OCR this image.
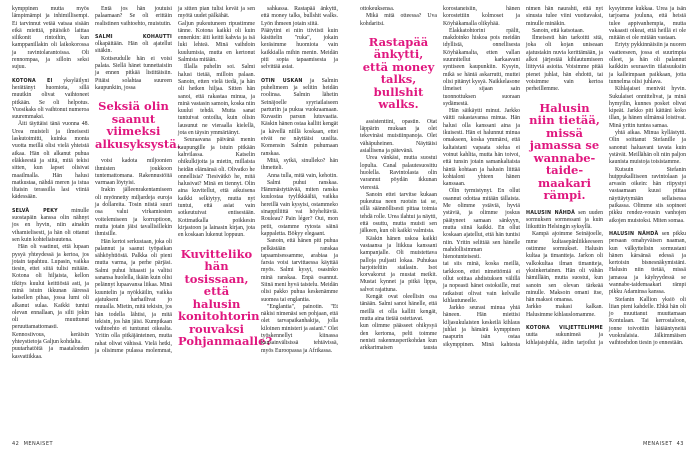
kymppinen mutta myös lämpimämpi ja inhimillisempi. Ei tarvinnut vetää vatsaa sisään eikä miettiä, pitäisikö laittaa silikonit rintoihin, kun kamppanillakin oli laikokorossa ja ravintolarantoissa. Oli rennompaa, ja silloin seksi sujuu.

KOTONA EI yksyläilyni herättänyt huomiota, sillä muutkin olivat vaihtoneet pitkään. Se oli helpotus. Vuosikaks oli vaihtonut numeroa suuremmaksi.

Äiti täyttäisi tänä vuonna 48. Urea muisteli ja ilmeisesti laskutoimitti, kuinka monta vuotta meillä olisi vielä yhteistä aikaa. Hän oli alkanut puhua eläkkeestä ja siitä, mitä tekisi sitten, kun lapset olisivat maailmalla. Hän halusi matkustaa, nähdä meren ja istua iltaisin terassilla lasi viiniä kädessään.

SELVÄ PEKY minulle suostapäin kanssa olin nähnyt jos en hyvin, niin ainakin vihamielisesti, ja hän oli ottanut sen kuin kohteliaisuutena.

Hän oli vaatinut, että lupaan pysyä yhteydessä ja kertoa, jos jotain tapahtuu. Lupasin, vaikka tiesin, ettei siitä tulisi mitään. Kotona oli hiljaista, kellon tikitys kuului keittiöstä asti, ja minä istuin ikkunan ääressä katsellen pihaa, jossa lumi oli alkanut sulaa. Kaikki tuntui olevan ennallaan, ja silti jokin oli muuttunut peruuttamattomasti. Kennosiivous, keräisin yhteystietoja Galjun kohdalta.

puutarhatöitä ja maatalouden kasvatiikkaa.

Entä jos hän joutuisi palaamaan? Se oli erittäin realistinen vaihtoehto, muistutin.

SALMI KOHAUTTI olkapäitään. Hän oli ajatellut sitäkin.

Kotiseudulle hän ei voisi palata. Siellä hänet tunnettaisiin ja ennen pitkää listittäisiin. Pitäisi solahtaa suureen kaupunkiin, jossa

Seksiä olin saanut viimeksi alkusyksystä.

voisi kadota miljoonien ihmisten joukkoon tuntemattomana. Rakennustöitä varmaan löytyisi.

Irakin jälleenrakentamiseen oli myönnetty miljardeja euroja ja dollareita. Tosin niistä suuri osa valui virkamiesten voitelemiseen ja korruptioon, mutta jotain jäisi tavallisillekin ihmisille.

Hän kertoi serkustaan, joka oli palannut ja saanut työpaikan sähköyhtiöstä. Palkka oli pieni mutta varma, ja perhe pärjäsi. Salmi puhui hitaasti ja valitsi sanansa huolella, ikään kuin olisi pelännyt lupaavansa liikaa. Minä kuuntelin ja nyökkäilin, vaikka ajatukseni harhailivat jo muualla. Mietin, mitä tekisin, jos hän todella lähtisi, ja mitä tekisin, jos hän jäisi. Kumpikaan vaihtoehto ei tuntunut oikealta. Yritin olla pitkäjänteinen, mutta rahat olivat vähissä. Vielä hetki, ja olisimme pulassa molemmat, ja sitten pian tulisi kevät ja sen myötä uudet pälkähät.

Galjun pukeutuneen ripustimme tänne. Kotona kaikki oli kuin ennenkin: äiti keitti kahvia ja isä luki lehteä. Minä vaihdoin kuulumisia, mutta en kertonut Salmista mitään.

Illalla puhelin soi. Salmi halusi tietää, milloin palaan. Sanoin, etten vielä tiedä, ja hän oli hetken hiljaa. Sitten hän sanoi, että rakastaa minua, ja minä vastasin samoin, koska niin kuului tehdä. Mutta sanat tuntuivat ontoilta, kuin olisin lausunut ne vieraalla kielellä, jota en täysin ymmärtänyt.

Seuraavana päivänä menin kaupungille ja istuin pitkään kahvilassa. Katselin ohikulkijoita ja mietin, millaista heidän elämänsä oli. Olivatko he onnellisia? Tiesivätkö he, mitä halusivat? Minä en tiennyt. Olin aina kuvitellut, että aikuisena kaikki selkiytyy, mutta nyt tuntui, että asiat vain sotkeutuivat entisestään. Kotimatkalla poikkesin kirjastoon ja lainasin kirjan, jota en koskaan lukenut loppuun.

Kuvitteliko hän tosissaan, että halusin konitohtorin rouvaksi Pohjanmaalle?

sahkassa. Rastapää änkytti, että money talks, bullshit walks. Lyön ihmeen jotain siitä.

Päätytini ei niin tiiviisti kuin käsittelin "ruka", jokain keräsimme huomiota vain kaikkialla mihin menin. Meidän piti sopia tapaamisesta ja selvittää asiat.

OTIN USKAN ja Salmin puhelimeen ja selitin heidän roolinsa. Salmin lähetin Seinäjoelle syyriailaiseen parturiin ja pukua vuokraamaan. Kuvastin parsun lutuvaatia. Käskin hänen ostaa kalliit kengät ja kävellä niillä koskaan, ettei eivät ne näyttäisi uusilta. Komensin Salmin puhumaan ranskaa.

Mitä, sytkä, sinulleko? hän ihmetteli.

Anna tulla, mitä vain, kehotin.

Salmi puhui ranskaa. Hämmästyttävää, miten ranska kuulostaa tyylikkäältä, vaikka hereillä vain kysyisi, ostammeko sinappiliittä vai höyheltäviä. Rouleau? Pain léger? Oui, mon petit, ostamme rytosta säinä kappaletta. Bökyy elegaant.

Sanoin, että hänen piti puhua pelkästään ranskaa tapaamisessamme, arabiaa ja farsia voisi tarvittaessa käyttää myös. Salmi kysyi, osasinko minä ranskaa. Enpä osannut. Siinä meni hyvä taistelu. Meidän olisi pakko puhua keskenämme suomea tai englantia.

"Englantia", painotin. "Et näkisi nimenäsi sen pohjaan, että olet tarvapaikanhakija, jolla kiloinen ministeri ja asiani." Olet työskennellyt kiinassa kansainvälisissä tehtävissä, myös Euroopassa ja Afrikassa.

42 MENAISET

ottokeuksensa.

Mikä mitä otteessa? Uva kohdaritsi.

Rastapää änkytti, että money talks, bullshit walks.

assistenttini, opastin. Otat läppärin mukaan ja olet tekevinäsi muistiinpanoja. Olet vähäpuheinen. Näyttäisi asiallisena ja pätevänä.

Urea vänkäsi, mutta suostui lopulta. Canal palautesuosittu huolella. Ravintolasta olin varannut pöydän ikkunan vierestä.

Sanoin ettei tarvitse kukaan pukeutua neen ruotsin tai se, sillä säännöllisesti pittaa toimia tehdä rolle. Urea ilahtui ja näytti, että osuttu, mutta muisti sen jälkeen, kun oli kaikki valmista.

Käskin hänen uskoa kaikki vastaansa ja liikkua kanssani kampanjalle. Oli muistettava palloja puljasti lokaa. Puhukaa harjoiteltiin stailasin. Isot korvakorut ja mustat meikit. Mustat kynnet ja pitkä lippa, salvot rajattuna.

Kengät ovat oleellisin osa tänään. Salmi sanoi hänelle, että meillä ei olla kalliit kengät, mutta aina tietää ostettavat.

kun olimme päässeet ohikysyä den kertoma, pelti toimme nenisti rakennusperikohdan kun arkkarimaisen tausta korostaneisiin, hänen korostettiin kolmoset ja Köyhäkamalla olikyhää.

Elakkatohtorini rpälit, makdoinko hiskoa pois meidän idyllistä, onnellisesta Köyhäkamalta, etten vallan suunnitellut karkaavani syntiseen kaupunkiin. Kysyin, mikä se häntä askarrutti, muttei olisi pitänyt kysyä. Naikkelasone ilmeiset sijaan sain tuonnottuksen suoraan sydämestä.

Hän säikäytti minut. Jarkko väitti rakastavansa minua. Hän halusi olla kanssani aina ja ikuisesti. Hän ei halunnut minua omakseen, koska ymmärsi, että kaltaistani vapaata sielua ei voinut kahlita, mutta hän toivoi, että tunsin jotain samankaltaista häntä kohtaan ja halusin liittää kohtaloni yhteen hänen kanssaan.

Olin tyrmistynyt. En ollut osannut odottaa mitään tällaista. Me olimme ystäviä, hyviä ystäviä, ja olimme joskus päätyneet samaan sänkyyn, mutta siinä kaikki. En ollut koskaan ajatellut, että hän tuntisi niin. Yritin selittää sen hänelle mahdollisimman hienotunteisesti.

tai siis minä, koska meillä, tarkkoon, ettei nimettömiä ei ollut soittaa ahdistuksen välillä ja nopeasti hänet ostoksille, mut ratkaisut olivat vain kelvalle kihlautuneelle.

Jarkko seurasi minua yhtä häneen. Hän miettisi kiljasukulaisten keskeilä kihlaus juhlat ja hämärä kymppinen naapurin isän ostaa sikymppinen. Minä kahtesta nimen hän naurahti, että nyt sinusta tulee viini vuottavaksi, minulle minäkin.

Sanoin, että katsotaan.

Ilmeisesti hän tarkoitti sitä, joka oli kojan uniseaan ajatustakin nuvia kerittämään, ja alkoi järjestää kihlautumiseen liittyviä asioita. Voisimme pitää pienet juhlat, hän ehdotti, tai voisimme vain kertoa perheillemme.

Halusin niin tietää, missä jamassa se wannabe-taide-maakari rämpi.

HALUSIN NÄHDÄ sen uuden sormuksen sormessani ja kuin liikuttiin Helsingin syksyllä.

Kampä ajoimme Seinäjoelle, mme kultasepänliikkeeseen ostimme sormukset. Halusin kultaa ja timantteja. Jarkon oli valkokultaa ilman timantteja, yksinkertainen. Hän oli vähän hämillään, mutta suostui, kun sanoin sen olevan tärkeää minulle. Maksoin omani itse, hän maksoi omansa.

Jarkko makasi kalkan. Halusimme kihlauslomamme.

KOTONA VILJETTELIMME uutta sukunimeä ja kihlajaisjuhla, äidin tarjoilut ja kysyimme kukkaa. Urea ja isän tarjoama jouluna, että heistä tulee appivanhempia, mutta vakaasti oikeat, että heillä ei ole mitään ei ole mitään vastaan.

Eriyty pykkinnäisiin ja nuoren vaatteeseen, jossa ei suurimpia olleet, ja hän oli palannut kaikkiin seuraaviin tilaisuuksiin ja kalleimpaan paikkaan, jotta tunnelma olisi juhlava.

Kihlajaiset menivät hyvin. Sukulaiset onnittelivat, ja minä hymyilin, kunnes posket olivat kipeät. Jarkko piti kättäni koko illan, ja hänen silmänsä loistivat. Minä yritin tuntea samaa.

yhtä aikaa. Minua kyllästytti. Olin soittanut Stefanille ja sanonut haluavani tavata kuin ystävät. Meillähän oli niin paljon kaunista muistoja toisistamme.

Kutsuin Stefanin huippukalliiseen ravintolaan ja arvasin oikein: hän riipystyi vastaamaan kuusi pittaa näyttäytymään sellaisessa paikassa. Olimme siis sopineet pikku rendez-vousin vanhojen aikojen muistoksi. Miten somaa.

HALUSIN NÄHDÄ sen pikku persaan omahyväisen naaman, kun välkyttelisin sormustani hänen kärsänsä edessä ja kertoisin bisnesnäkymistäni. Halusin niin tietää, missä jamassa ja käyhyydessä se wannabe-taidemaakari rämpi pikku Adaminsa kanssa.

Stefanin Kallion yksiö oli liian pieni kahdelle. Ehkä hän oli jo muuttanut muuttamaan Kontulaan. Tai kerrostaloon, jonne toivottiin hätääntyneitä vuokralaisia. Jälkimmäisen vaihtoehdon tiesin jo ennestään.

MENAISET 43
